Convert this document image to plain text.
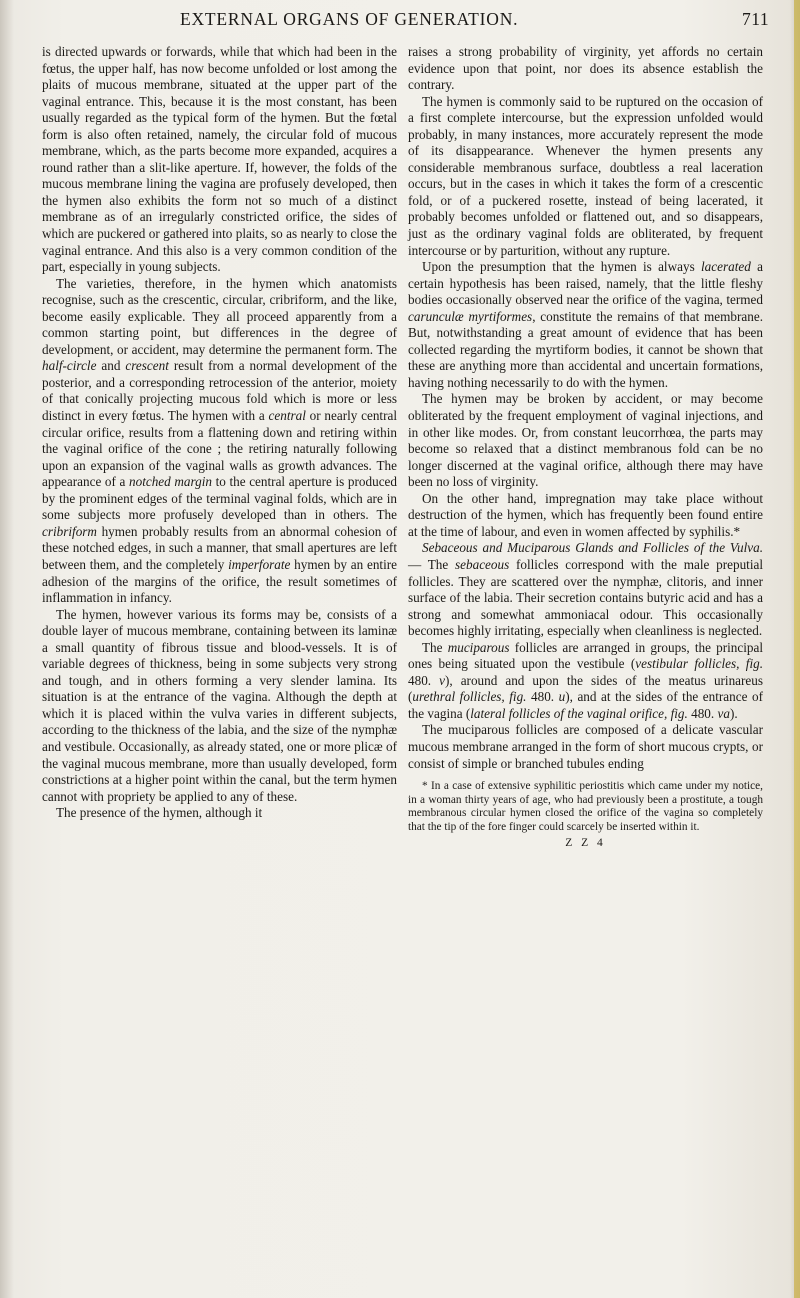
EXTERNAL ORGANS OF GENERATION.	711

is directed upwards or forwards, while that which had been in the fœtus, the upper half, has now become unfolded or lost among the plaits of mucous membrane, situated at the upper part of the vaginal entrance. This, because it is the most constant, has been usually regarded as the typical form of the hymen. But the fœtal form is also often retained, namely, the circular fold of mucous membrane, which, as the parts become more expanded, acquires a round rather than a slit-like aperture. If, however, the folds of the mucous membrane lining the vagina are profusely developed, then the hymen also exhibits the form not so much of a distinct membrane as of an irregularly constricted orifice, the sides of which are puckered or gathered into plaits, so as nearly to close the vaginal entrance. And this also is a very common condition of the part, especially in young subjects.

The varieties, therefore, in the hymen which anatomists recognise, such as the crescentic, circular, cribriform, and the like, become easily explicable. They all proceed apparently from a common starting point, but differences in the degree of development, or accident, may determine the permanent form. The half-circle and crescent result from a normal development of the posterior, and a corresponding retrocession of the anterior, moiety of that conically projecting mucous fold which is more or less distinct in every fœtus. The hymen with a central or nearly central circular orifice, results from a flattening down and retiring within the vaginal orifice of the cone ; the retiring naturally following upon an expansion of the vaginal walls as growth advances. The appearance of a notched margin to the central aperture is produced by the prominent edges of the terminal vaginal folds, which are in some subjects more profusely developed than in others. The cribriform hymen probably results from an abnormal cohesion of these notched edges, in such a manner, that small apertures are left between them, and the completely imperforate hymen by an entire adhesion of the margins of the orifice, the result sometimes of inflammation in infancy.

The hymen, however various its forms may be, consists of a double layer of mucous membrane, containing between its laminæ a small quantity of fibrous tissue and blood-vessels. It is of variable degrees of thickness, being in some subjects very strong and tough, and in others forming a very slender lamina. Its situation is at the entrance of the vagina. Although the depth at which it is placed within the vulva varies in different subjects, according to the thickness of the labia, and the size of the nymphæ and vestibule. Occasionally, as already stated, one or more plicæ of the vaginal mucous membrane, more than usually developed, form constrictions at a higher point within the canal, but the term hymen cannot with propriety be applied to any of these.

The presence of the hymen, although it

raises a strong probability of virginity, yet affords no certain evidence upon that point, nor does its absence establish the contrary.

The hymen is commonly said to be ruptured on the occasion of a first complete intercourse, but the expression unfolded would probably, in many instances, more accurately represent the mode of its disappearance. Whenever the hymen presents any considerable membranous surface, doubtless a real laceration occurs, but in the cases in which it takes the form of a crescentic fold, or of a puckered rosette, instead of being lacerated, it probably becomes unfolded or flattened out, and so disappears, just as the ordinary vaginal folds are obliterated, by frequent intercourse or by parturition, without any rupture.

Upon the presumption that the hymen is always lacerated a certain hypothesis has been raised, namely, that the little fleshy bodies occasionally observed near the orifice of the vagina, termed carunculæ myrtiformes, constitute the remains of that membrane. But, notwithstanding a great amount of evidence that has been collected regarding the myrtiform bodies, it cannot be shown that these are anything more than accidental and uncertain formations, having nothing necessarily to do with the hymen.

The hymen may be broken by accident, or may become obliterated by the frequent employment of vaginal injections, and in other like modes. Or, from constant leucorrhœa, the parts may become so relaxed that a distinct membranous fold can be no longer discerned at the vaginal orifice, although there may have been no loss of virginity.

On the other hand, impregnation may take place without destruction of the hymen, which has frequently been found entire at the time of labour, and even in women affected by syphilis.*

Sebaceous and Muciparous Glands and Follicles of the Vulva. — The sebaceous follicles correspond with the male preputial follicles. They are scattered over the nymphæ, clitoris, and inner surface of the labia. Their secretion contains butyric acid and has a strong and somewhat ammoniacal odour. This occasionally becomes highly irritating, especially when cleanliness is neglected.

The muciparous follicles are arranged in groups, the principal ones being situated upon the vestibule (vestibular follicles, fig. 480. v), around and upon the sides of the meatus urinareus (urethral follicles, fig. 480. u), and at the sides of the entrance of the vagina (lateral follicles of the vaginal orifice, fig. 480. va).

The muciparous follicles are composed of a delicate vascular mucous membrane arranged in the form of short mucous crypts, or consist of simple or branched tubules ending

* In a case of extensive syphilitic periostitis which came under my notice, in a woman thirty years of age, who had previously been a prostitute, a tough membranous circular hymen closed the orifice of the vagina so completely that the tip of the fore finger could scarcely be inserted within it.

Z Z 4
